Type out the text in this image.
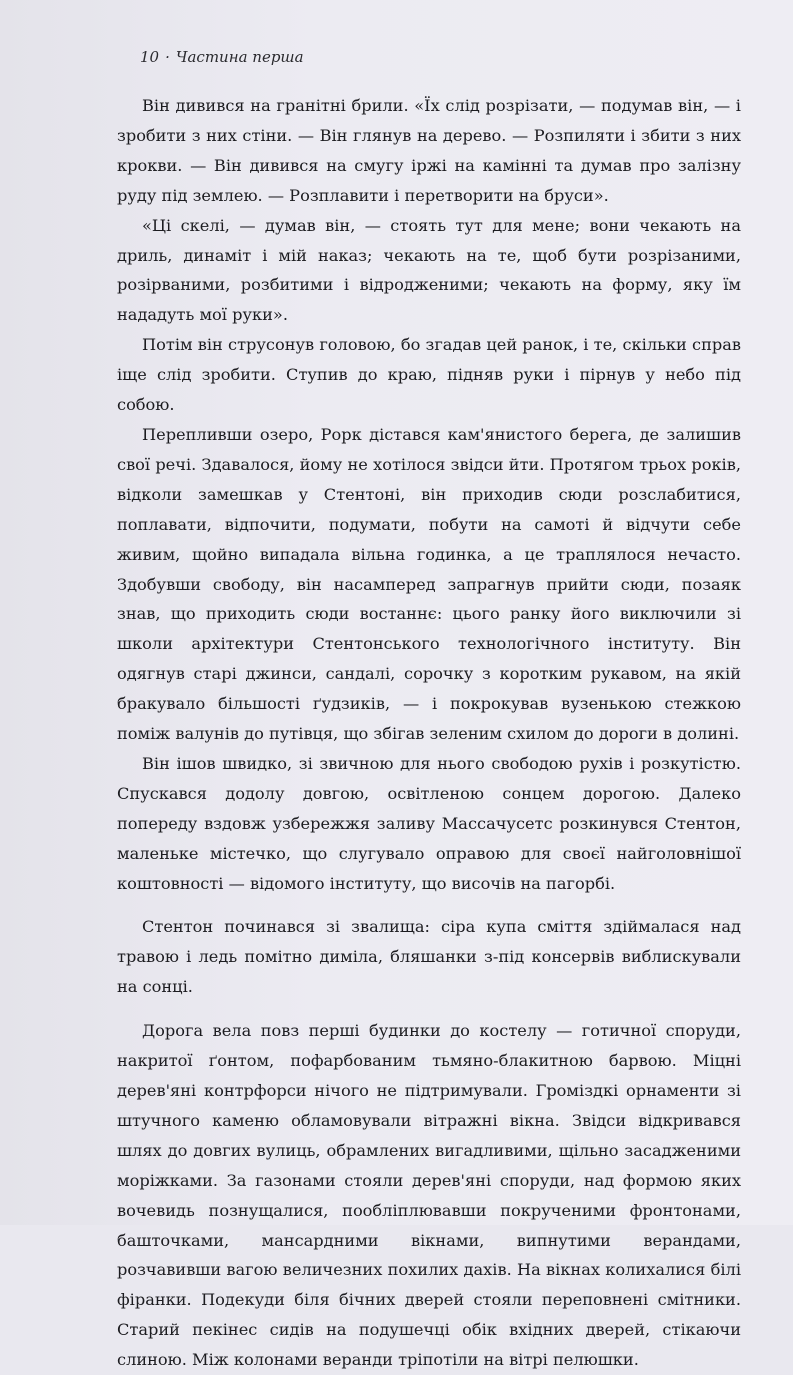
10 · Частина перша

Він дивився на гранітні брили. «Їх слід розрізати, — подумав він, — і зробити з них стіни. — Він глянув на дерево. — Розпиляти і збити з них крокви. — Він дивився на смугу іржі на камінні та думав про залізну руду під землею. — Розплавити і перетворити на бруси».

«Ці скелі, — думав він, — стоять тут для мене; вони чекають на дриль, динаміт і мій наказ; чекають на те, щоб бути розрізаними, розірваними, розбитими і відродженими; чекають на форму, яку їм нададуть мої руки».

Потім він струсонув головою, бо згадав цей ранок, і те, скільки справ іще слід зробити. Ступив до краю, підняв руки і пірнув у небо під собою.

Перепливши озеро, Рорк дістався кам'янистого берега, де залишив свої речі. Здавалося, йому не хотілося звідси йти. Протягом трьох років, відколи замешкав у Стентоні, він приходив сюди розслабитися, поплавати, відпочити, подумати, побути на самоті й відчути себе живим, щойно випадала вільна годинка, а це траплялося нечасто. Здобувши свободу, він насамперед запрагнув прийти сюди, позаяк знав, що приходить сюди востаннє: цього ранку його виключили зі школи архітектури Стентонського технологічного інституту. Він одягнув старі джинси, сандалі, сорочку з коротким рукавом, на якій бракувало більшості ґудзиків, — і покрокував вузенькою стежкою поміж валунів до путівця, що збігав зеленим схилом до дороги в долині.

Він ішов швидко, зі звичною для нього свободою рухів і розкутістю. Спускався додолу довгою, освітленою сонцем дорогою. Далеко попереду вздовж узбережжя заливу Массачусетс розкинувся Стентон, маленьке містечко, що слугувало оправою для своєї найголовнішої коштовності — відомого інституту, що височів на пагорбі.

Стентон починався зі звалища: сіра купа сміття здіймалася над травою і ледь помітно диміла, бляшанки з-під консервів виблискували на сонці.

Дорога вела повз перші будинки до костелу — готичної споруди, накритої ґонтом, пофарбованим тьмяно-блакитною барвою. Міцні дерев'яні контрфорси нічого не підтримували. Громіздкі орнаменти зі штучного каменю обламовували вітражні вікна. Звідси відкривався шлях до довгих вулиць, обрамлених вигадливими, щільно засадженими моріжками. За газонами стояли дерев'яні споруди, над формою яких вочевидь познущалися, пообліплювавши покрученими фронтонами, башточками, мансардними вікнами, випнутими верандами, розчавивши вагою величезних похилих дахів. На вікнах колихалися білі фіранки. Подекуди біля бічних дверей стояли переповнені смітники. Старий пекінес сидів на подушечці обік вхідних дверей, стікаючи слиною. Між колонами веранди тріпотіли на вітрі пелюшки.
